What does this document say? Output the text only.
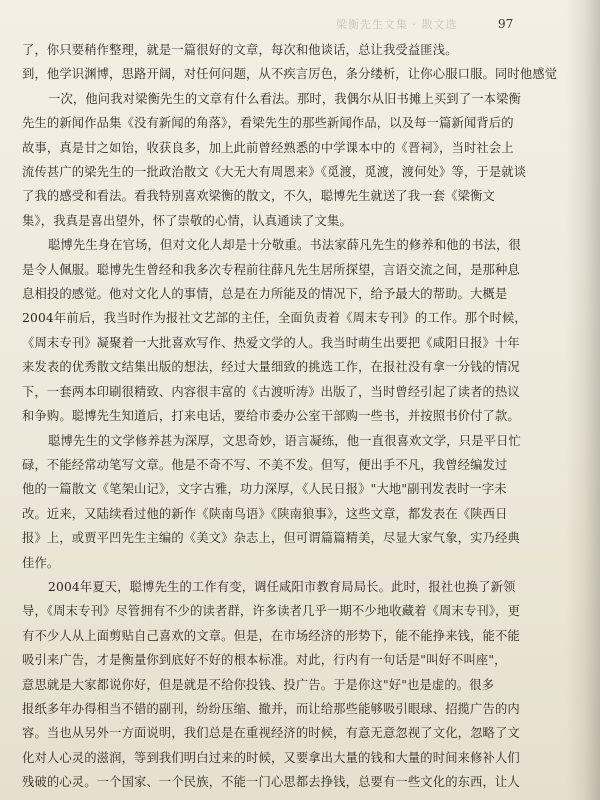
梁衡先生文集 · 散文选	97
了，你只要稍作整理，就是一篇很好的文章，每次和他谈话，总让我受益匪浅。
到，他学识渊博，思路开阔，对任何问题，从不疾言厉色，条分缕析，让你心服口服。同时他感觉
一次，他问我对梁衡先生的文章有什么看法。那时，我偶尔从旧书摊上买到了一本梁衡
先生的新闻作品集《没有新闻的角落》，看梁先生的那些新闻作品，以及每一篇新闻背后的
故事，真是甘之如饴，收获良多，加上此前曾经熟悉的中学课本中的《晋祠》，当时社会上
流传甚广的梁先生的一批政治散文《大无大有周恩来》《觅渡，觅渡，渡何处》等，于是就谈
了我的感受和看法。看我特别喜欢梁衡的散文，不久，聪博先生就送了我一套《梁衡文
集》，我真是喜出望外，怀了崇敬的心情，认真通读了文集。
聪博先生身在官场，但对文化人却是十分敬重。书法家薛凡先生的修养和他的书法，很
是令人佩服。聪博先生曾经和我多次专程前往薛凡先生居所探望，言语交流之间，是那种息
息相投的感觉。他对文化人的事情，总是在力所能及的情况下，给予最大的帮助。大概是
2004年前后，我当时作为报社文艺部的主任，全面负责着《周末专刊》的工作。那个时候，
《周末专刊》凝聚着一大批喜欢写作、热爱文学的人。我当时萌生出要把《咸阳日报》十年
来发表的优秀散文结集出版的想法，经过大量细致的挑选工作，在报社没有拿一分钱的情况
下，一套两本印刷很精致、内容很丰富的《古渡听涛》出版了，当时曾经引起了读者的热议
和争购。聪博先生知道后，打来电话，要给市委办公室干部购一些书，并按照书价付了款。
聪博先生的文学修养甚为深厚，文思奇妙，语言凝练，他一直很喜欢文学，只是平日忙
碌，不能经常动笔写文章。他是不奇不写、不美不发。但写，便出手不凡，我曾经编发过
他的一篇散文《笔架山记》，文字古雅，功力深厚，《人民日报》"大地"副刊发表时一字未
改。近来，又陆续看过他的新作《陕南鸟语》《陕南狼事》，这些文章，都发表在《陕西日
报》上，或贾平凹先生主编的《美文》杂志上，但可谓篇篇精美，尽显大家气象，实乃经典
佳作。
2004年夏天，聪博先生的工作有变，调任咸阳市教育局局长。此时，报社也换了新领
导，《周末专刊》尽管拥有不少的读者群，许多读者几乎一期不少地收藏着《周末专刊》，更
有不少人从上面剪贴自己喜欢的文章。但是，在市场经济的形势下，能不能挣来钱，能不能
吸引来广告，才是衡量你到底好不好的根本标准。对此，行内有一句话是"叫好不叫座"，
意思就是大家都说你好，但是就是不给你投钱、投广告。于是你这"好"也是虚的。很多
报纸多年办得相当不错的副刊，纷纷压缩、撤并，而让给那些能够吸引眼球、招揽广告的内
容。当也从另外一方面说明，我们总是在重视经济的时候，有意无意忽视了文化，忽略了文
化对人心灵的滋润，等到我们明白过来的时候，又要拿出大量的钱和大量的时间来修补人们
残破的心灵。一个国家、一个民族，不能一门心思都去挣钱，总要有一些文化的东西，让人
